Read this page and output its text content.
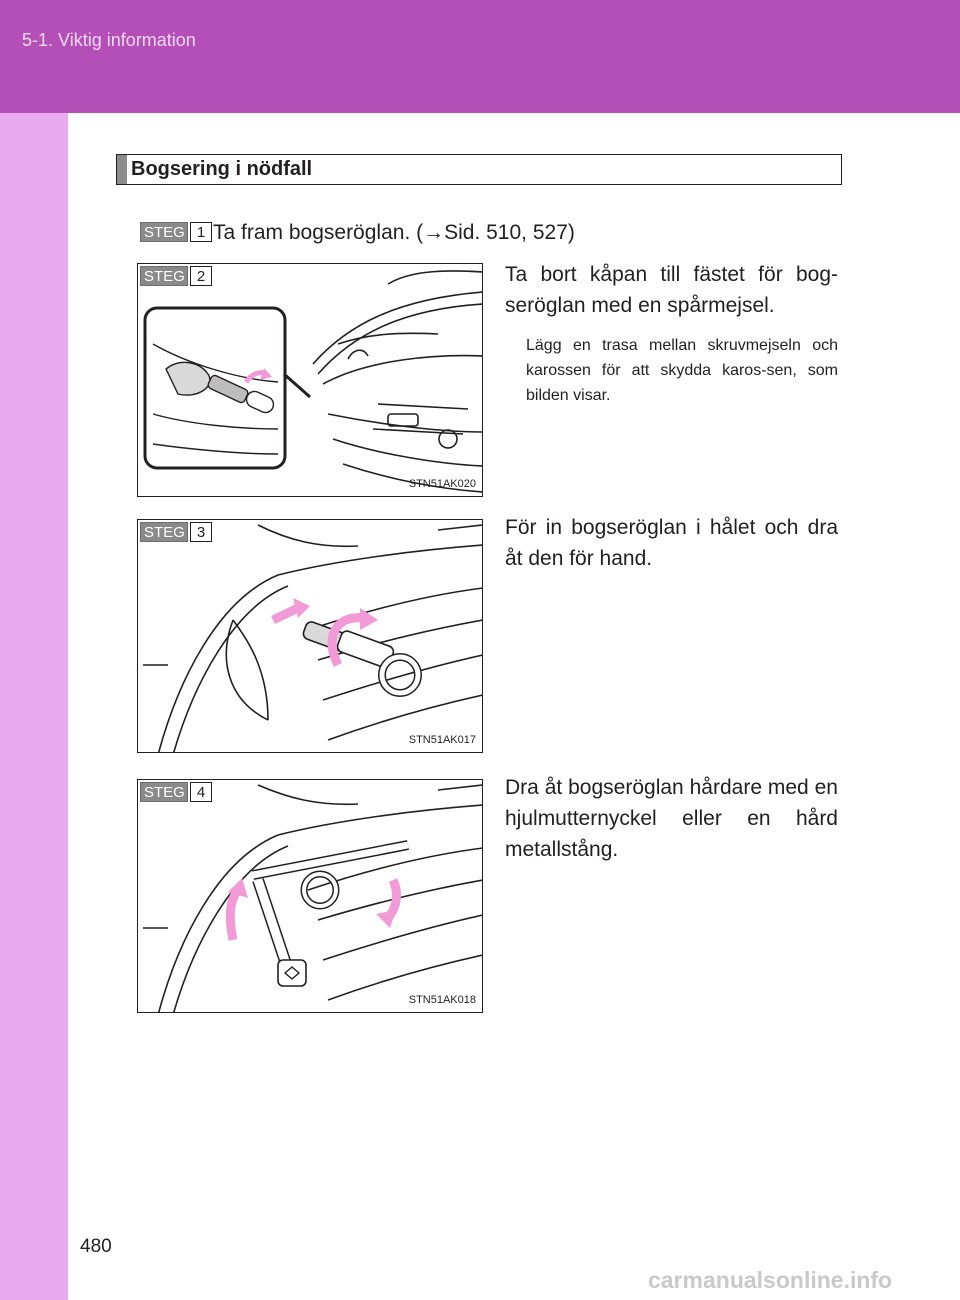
5-1. Viktig information
Bogsering i nödfall
STEG 1 Ta fram bogseröglan. (→Sid. 510, 527)
STEG 2
STN51AK020
Ta bort kåpan till fästet för bog-seröglan med en spårmejsel.
Lägg en trasa mellan skruvmejseln och karossen för att skydda karos-sen, som bilden visar.
STEG 3
STN51AK017
För in bogseröglan i hålet och dra åt den för hand.
STEG 4
STN51AK018
Dra åt bogseröglan hårdare med en hjulmutternyckel eller en hård metallstång.
480
carmanualsonline.info
